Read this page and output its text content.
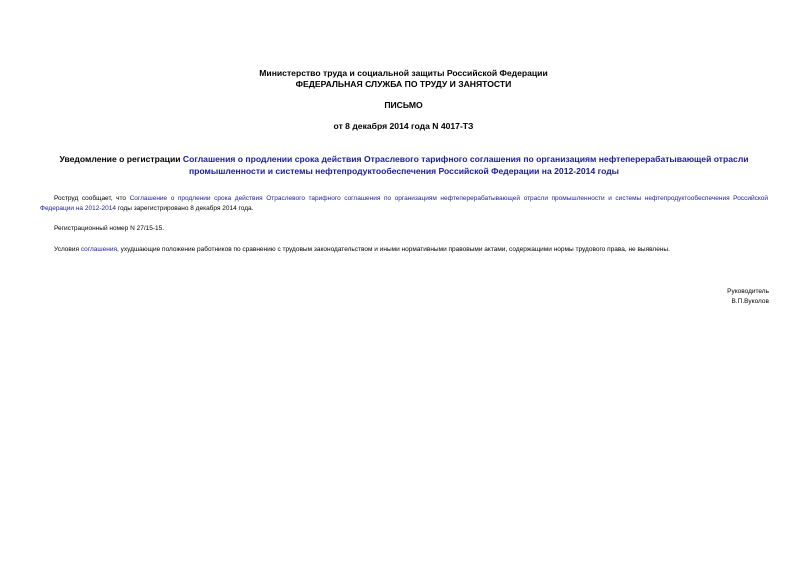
Министерство труда и социальной защиты Российской Федерации
ФЕДЕРАЛЬНАЯ СЛУЖБА ПО ТРУДУ И ЗАНЯТОСТИ
ПИСЬМО
от 8 декабря 2014 года N 4017-ТЗ
Уведомление о регистрации Соглашения о продлении срока действия Отраслевого тарифного соглашения по организациям нефтеперерабатывающей отрасли промышленности и системы нефтепродуктообеспечения Российской Федерации на 2012-2014 годы
Роструд сообщает, что Соглашение о продлении срока действия Отраслевого тарифного соглашения по организациям нефтеперерабатывающей отрасли промышленности и системы нефтепродуктообеспечения Российской Федерации на 2012-2014 годы зарегистрировано 8 декабря 2014 года.
Регистрационный номер N 27/15-15.
Условия соглашения, ухудшающие положение работников по сравнению с трудовым законодательством и иными нормативными правовыми актами, содержащими нормы трудового права, не выявлены.
Руководитель
В.П.Вуколов
